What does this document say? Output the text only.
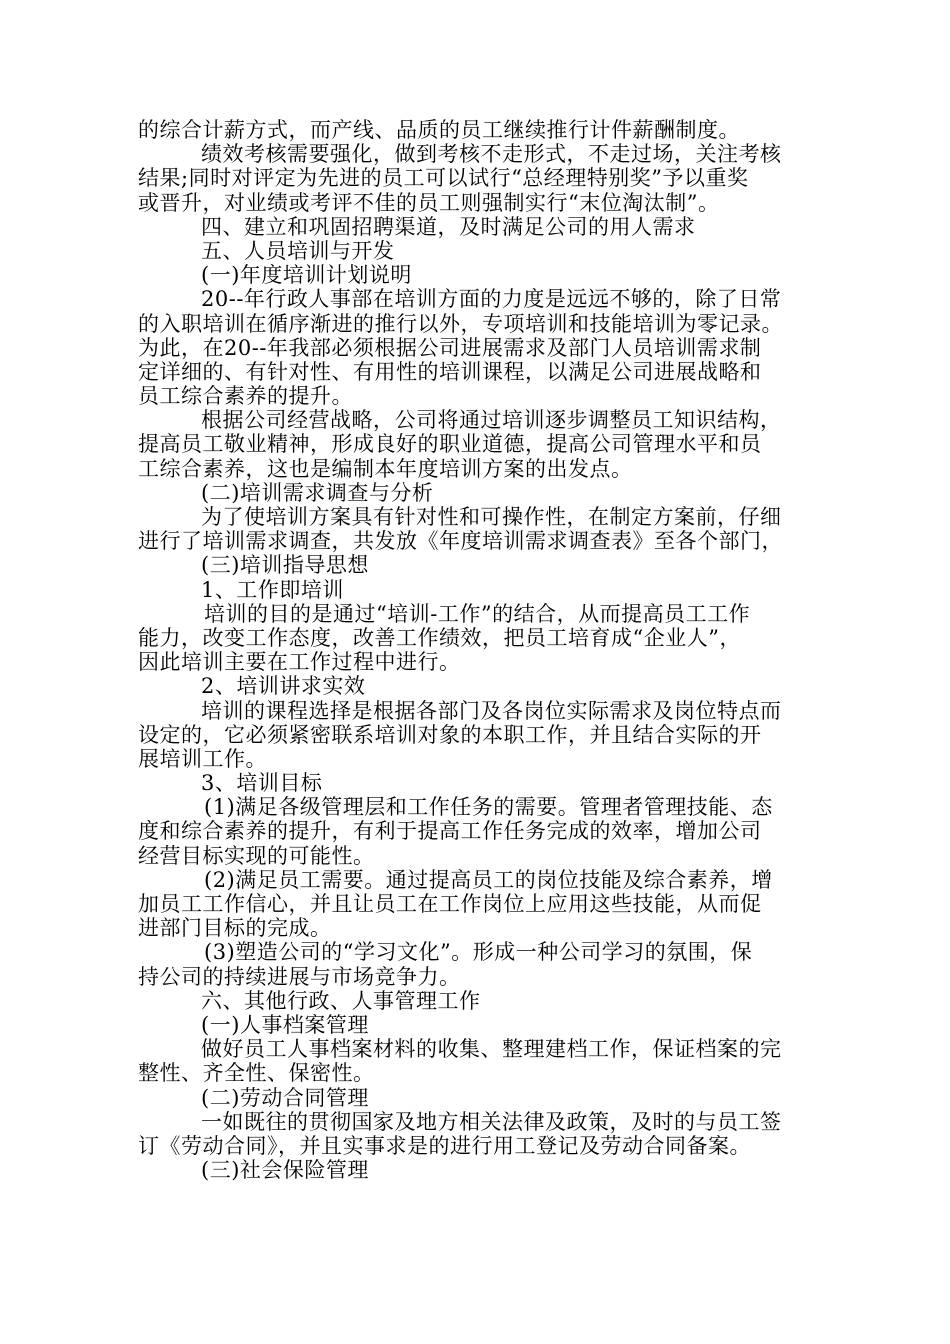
的综合计薪方式，而产线、品质的员工继续推行计件薪酬制度。
绩效考核需要强化，做到考核不走形式，不走过场，关注考核
结果;同时对评定为先进的员工可以试行“总经理特别奖”予以重奖
或晋升，对业绩或考评不佳的员工则强制实行“末位淘汰制”。
四、建立和巩固招聘渠道，及时满足公司的用人需求
五、人员培训与开发
(一)年度培训计划说明
20--年行政人事部在培训方面的力度是远远不够的，除了日常
的入职培训在循序渐进的推行以外，专项培训和技能培训为零记录。
为此，在20--年我部必须根据公司进展需求及部门人员培训需求制
定详细的、有针对性、有用性的培训课程，以满足公司进展战略和
员工综合素养的提升。
根据公司经营战略，公司将通过培训逐步调整员工知识结构，
提高员工敬业精神，形成良好的职业道德，提高公司管理水平和员
工综合素养，这也是编制本年度培训方案的出发点。
(二)培训需求调查与分析
为了使培训方案具有针对性和可操作性，在制定方案前，仔细
进行了培训需求调查，共发放《年度培训需求调查表》至各个部门，
(三)培训指导思想
1、工作即培训
培训的目的是通过“培训-工作”的结合，从而提高员工工作
能力，改变工作态度，改善工作绩效，把员工培育成“企业人”，
因此培训主要在工作过程中进行。
2、培训讲求实效
培训的课程选择是根据各部门及各岗位实际需求及岗位特点而
设定的，它必须紧密联系培训对象的本职工作，并且结合实际的开
展培训工作。
3、培训目标
(1)满足各级管理层和工作任务的需要。管理者管理技能、态
度和综合素养的提升，有利于提高工作任务完成的效率，增加公司
经营目标实现的可能性。
(2)满足员工需要。通过提高员工的岗位技能及综合素养，增
加员工工作信心，并且让员工在工作岗位上应用这些技能，从而促
进部门目标的完成。
(3)塑造公司的“学习文化”。形成一种公司学习的氛围，保
持公司的持续进展与市场竞争力。
六、其他行政、人事管理工作
(一)人事档案管理
做好员工人事档案材料的收集、整理建档工作，保证档案的完
整性、齐全性、保密性。
(二)劳动合同管理
一如既往的贯彻国家及地方相关法律及政策，及时的与员工签
订《劳动合同》，并且实事求是的进行用工登记及劳动合同备案。
(三)社会保险管理
